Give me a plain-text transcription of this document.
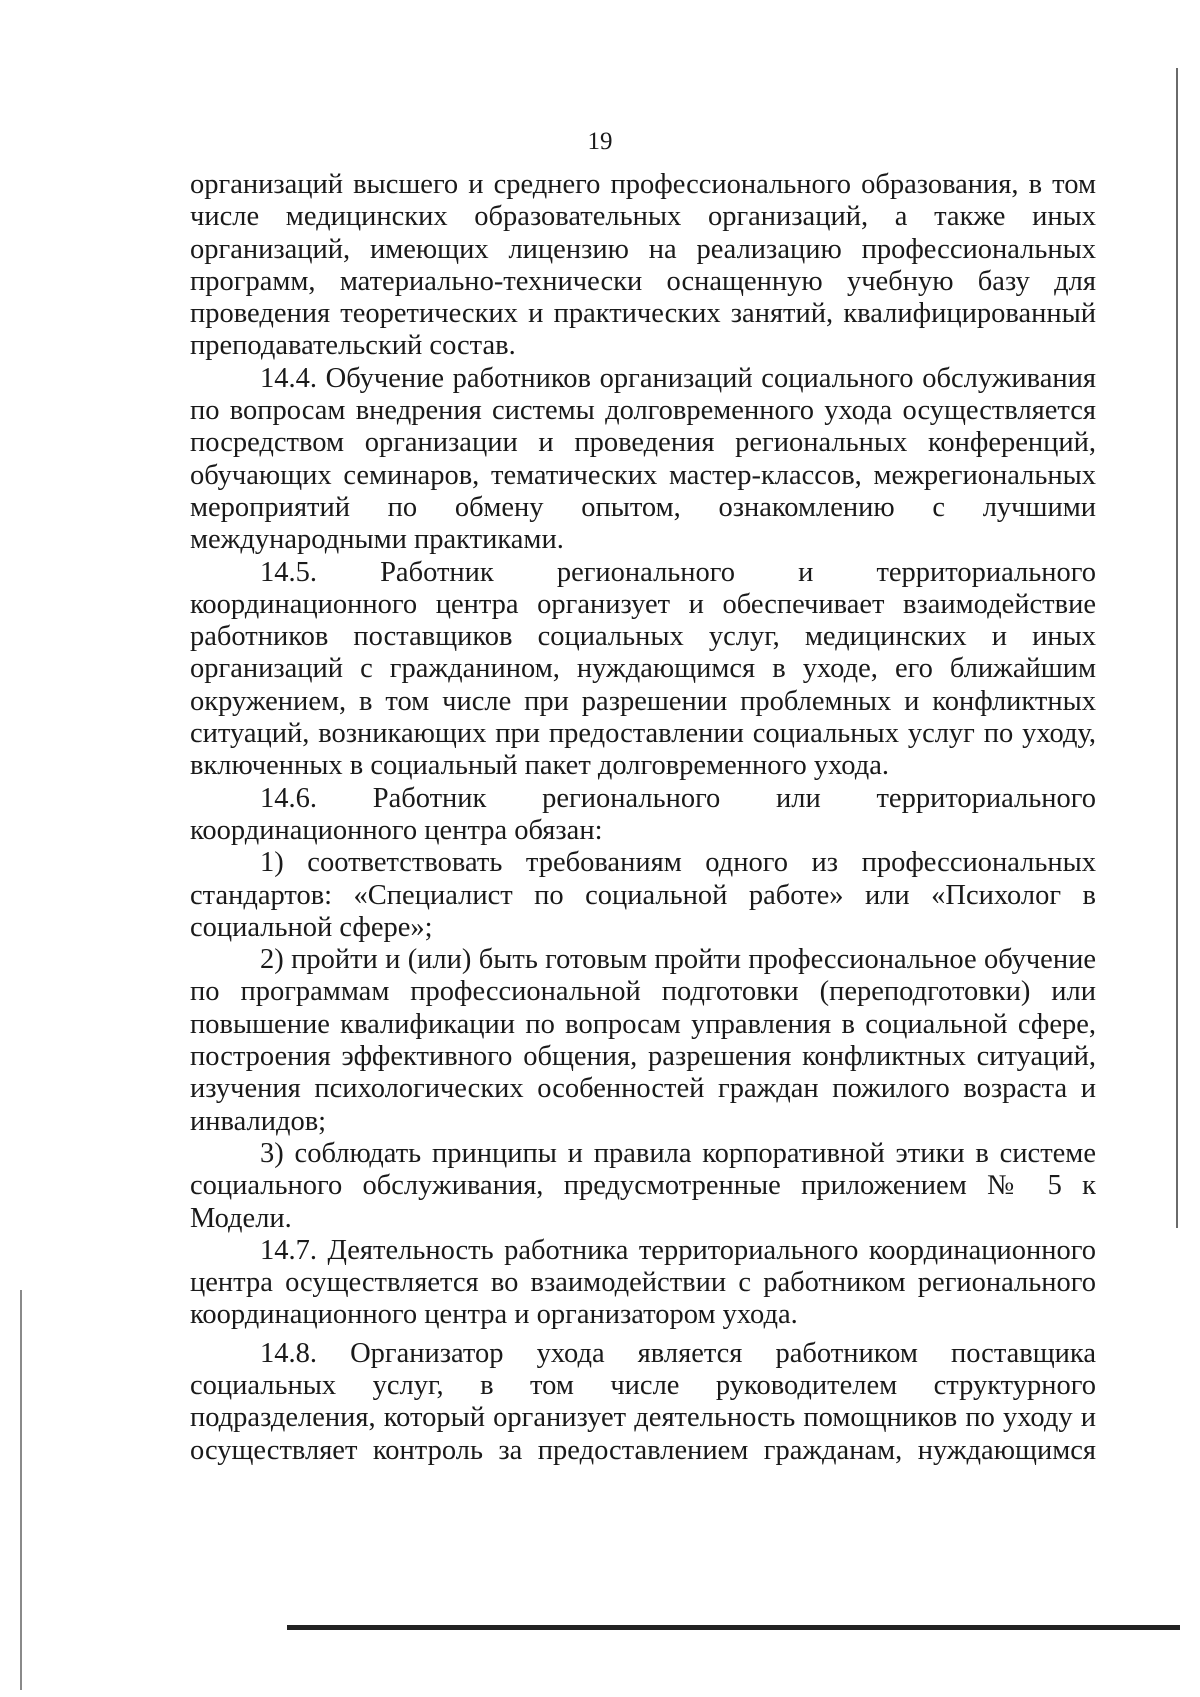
19

организаций высшего и среднего профессионального образования, в том числе медицинских образовательных организаций, а также иных организаций, имеющих лицензию на реализацию профессиональных программ, материально-технически оснащенную учебную базу для проведения теоретических и практических занятий, квалифицированный преподавательский состав.

14.4. Обучение работников организаций социального обслуживания по вопросам внедрения системы долговременного ухода осуществляется посредством организации и проведения региональных конференций, обучающих семинаров, тематических мастер-классов, межрегиональных мероприятий по обмену опытом, ознакомлению с лучшими международными практиками.

14.5. Работник регионального и территориального координационного центра организует и обеспечивает взаимодействие работников поставщиков социальных услуг, медицинских и иных организаций с гражданином, нуждающимся в уходе, его ближайшим окружением, в том числе при разрешении проблемных и конфликтных ситуаций, возникающих при предоставлении социальных услуг по уходу, включенных в социальный пакет долговременного ухода.

14.6. Работник регионального или территориального координационного центра обязан:

1) соответствовать требованиям одного из профессиональных стандартов: «Специалист по социальной работе» или «Психолог в социальной сфере»;

2) пройти и (или) быть готовым пройти профессиональное обучение по программам профессиональной подготовки (переподготовки) или повышение квалификации по вопросам управления в социальной сфере, построения эффективного общения, разрешения конфликтных ситуаций, изучения психологических особенностей граждан пожилого возраста и инвалидов;

3) соблюдать принципы и правила корпоративной этики в системе социального обслуживания, предусмотренные приложением № 5 к Модели.

14.7. Деятельность работника территориального координационного центра осуществляется во взаимодействии с работником регионального координационного центра и организатором ухода.

14.8. Организатор ухода является работником поставщика социальных услуг, в том числе руководителем структурного подразделения, который организует деятельность помощников по уходу и осуществляет контроль за предоставлением гражданам, нуждающимся
